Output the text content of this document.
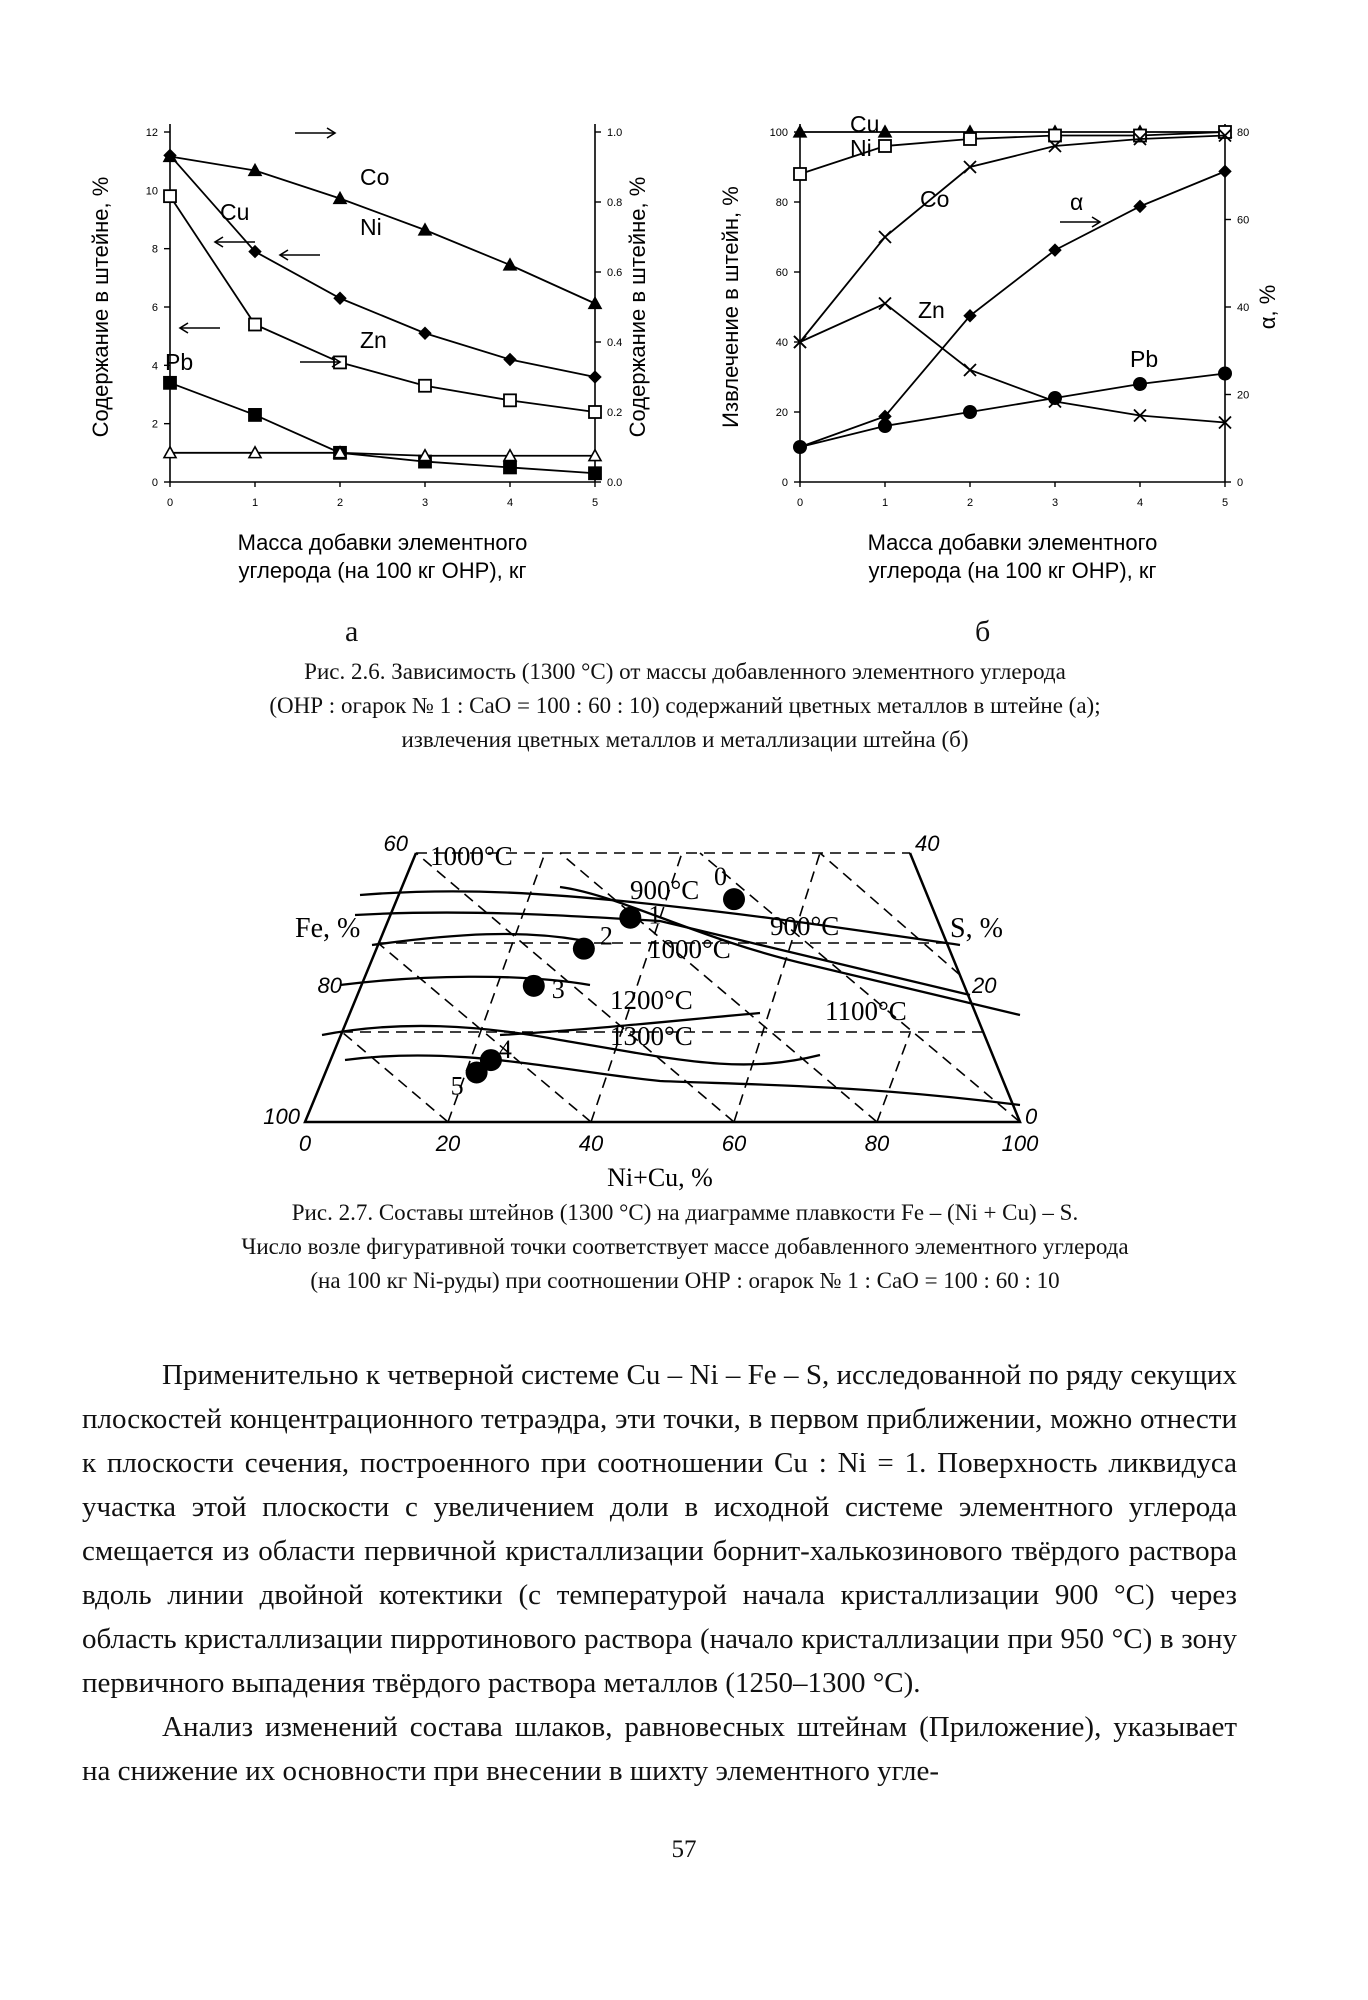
0
2
4
6
8
10
12
0.0
0.2
0.4
0.6
0.8
1.0
0	1	2	3	4	5
Содержание в штейне, %	Содержание в штейне, %
Масса добавки элементного
углерода (на 100 кг ОНР), кг
Co
Ni
Cu
Zn
Pb
0
20
40
60
80
100
0
20
40
60
80
0	1	2	3	4	5
Извлечение в штейн, %	α, %
Масса добавки элементного
углерода (на 100 кг ОНР), кг
Cu
Ni
Co
Zn
α
Pb
а	б
Рис. 2.6. Зависимость (1300 °C) от массы добавленного элементного углерода
(ОНР : огарок № 1 : CaO = 100 : 60 : 10) содержаний цветных металлов в штейне (а);
извлечения цветных металлов и металлизации штейна (б)
1000°C
900°C
900°C
1000°C
1200°C	1100°C
1300°C
Fe, %	S, %
60
80
100
40
20
0
0	20	40	60	80	100
Ni+Cu, %
0
1
2
3
4
5
Рис. 2.7. Составы штейнов (1300 °C) на диаграмме плавкости Fe – (Ni + Cu) – S.
Число возле фигуративной точки соответствует массе добавленного элементного углерода
(на 100 кг Ni-руды) при соотношении ОНР : огарок № 1 : CaO = 100 : 60 : 10

Применительно к четверной системе Cu – Ni – Fe – S, исследованной по ряду секущих плоскостей концентрационного тетраэдра, эти точки, в первом приближении, можно отнести к плоскости сечения, построенного при соотношении Cu : Ni = 1. Поверхность ликвидуса участка этой плоскости с увеличением доли в исходной системе элементного углерода смещается из области первичной кристаллизации борнит-халькозинового твёрдого раствора вдоль линии двойной котектики (с температурой начала кристаллизации 900 °C) через область кристаллизации пирротинового раствора (начало кристаллизации при 950 °C) в зону первичного выпадения твёрдого раствора металлов (1250–1300 °C).

Анализ изменений состава шлаков, равновесных штейнам (Приложение), указывает на снижение их основности при внесении в шихту элементного угле-

57
